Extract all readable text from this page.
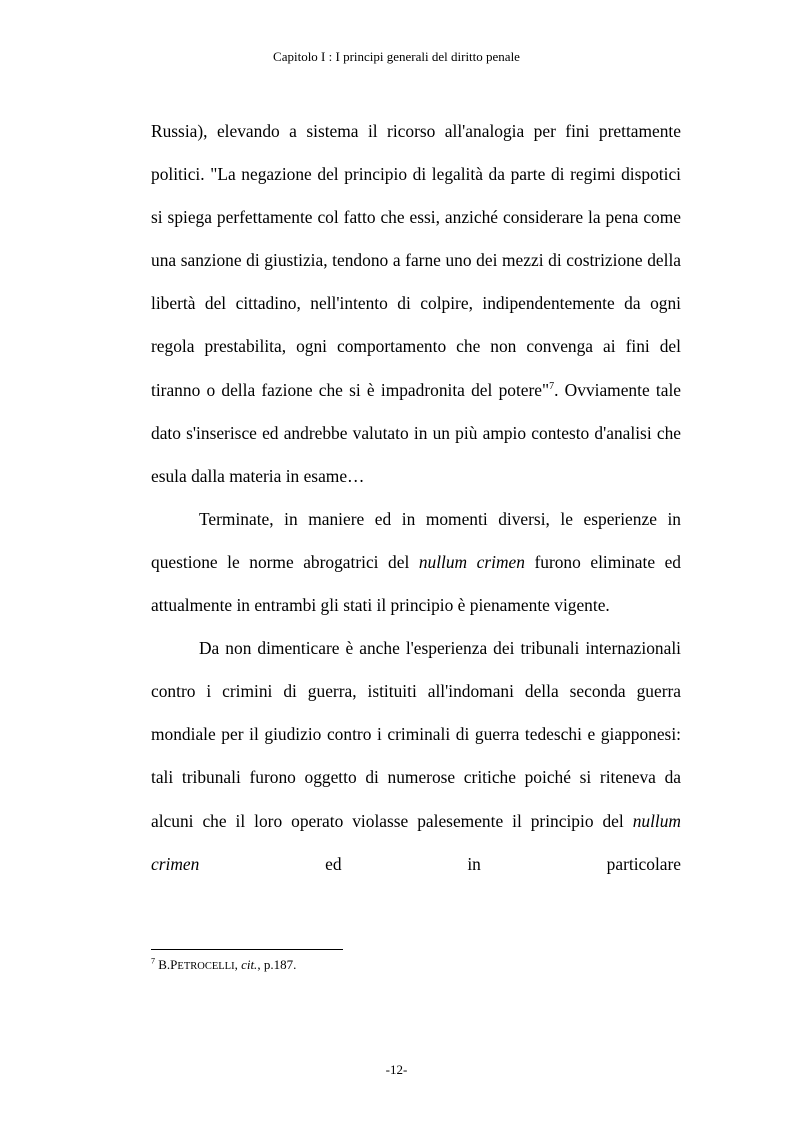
Capitolo I : I principi generali del diritto penale

Russia), elevando a sistema il ricorso all'analogia per fini prettamente politici. "La negazione del principio di legalità da parte di regimi dispotici si spiega perfettamente col fatto che essi, anziché considerare la pena come una sanzione di giustizia, tendono a farne uno dei mezzi di costrizione della libertà del cittadino, nell'intento di colpire, indipendentemente da ogni regola prestabilita, ogni comportamento che non convenga ai fini del tiranno o della fazione che si è impadronita del potere"$^7$. Ovviamente tale dato s'inserisce ed andrebbe valutato in un più ampio contesto d'analisi che esula dalla materia in esame…

Terminate, in maniere ed in momenti diversi, le esperienze in questione le norme abrogatrici del nullum crimen furono eliminate ed attualmente in entrambi gli stati il principio è pienamente vigente.

Da non dimenticare è anche l'esperienza dei tribunali internazionali contro i crimini di guerra, istituiti all'indomani della seconda guerra mondiale per il giudizio contro i criminali di guerra tedeschi e giapponesi: tali tribunali furono oggetto di numerose critiche poiché si riteneva da alcuni che il loro operato violasse palesemente il principio del nullum crimen ed in particolare

$^7$ B.PETROCELLI, cit., p.187.
-12-
